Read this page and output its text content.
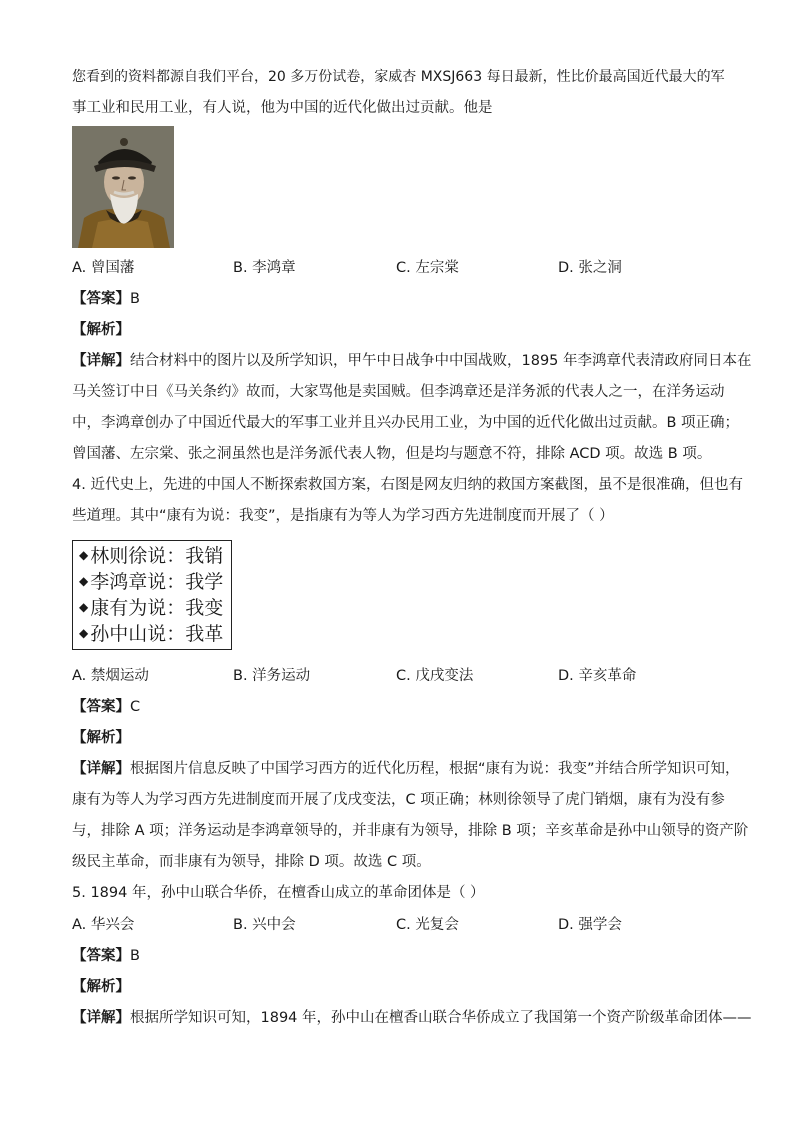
您看到的资料都源自我们平台，20 多万份试卷，家威杏 MXSJ663 每日最新，性比价最高国近代最大的军
事工业和民用工业，有人说，他为中国的近代化做出过贡献。他是
A. 曾国藩	B. 李鸿章	C. 左宗棠	D. 张之洞
【答案】B
【解析】
【详解】结合材料中的图片以及所学知识，甲午中日战争中中国战败，1895 年李鸿章代表清政府同日本在
马关签订中日《马关条约》故而，大家骂他是卖国贼。但李鸿章还是洋务派的代表人之一，在洋务运动
中，李鸿章创办了中国近代最大的军事工业并且兴办民用工业，为中国的近代化做出过贡献。B 项正确；
曾国藩、左宗棠、张之洞虽然也是洋务派代表人物，但是均与题意不符，排除 ACD 项。故选 B 项。
4. 近代史上，先进的中国人不断探索救国方案，右图是网友归纳的救国方案截图，虽不是很准确，但也有
些道理。其中“康有为说：我变”，是指康有为等人为学习西方先进制度而开展了（ ）
◆ 林则徐说：我销
◆ 李鸿章说：我学
◆ 康有为说：我变
◆ 孙中山说：我革
A. 禁烟运动	B. 洋务运动	C. 戊戌变法	D. 辛亥革命
【答案】C
【解析】
【详解】根据图片信息反映了中国学习西方的近代化历程，根据“康有为说：我变”并结合所学知识可知，
康有为等人为学习西方先进制度而开展了戊戌变法，C 项正确；林则徐领导了虎门销烟，康有为没有参
与，排除 A 项；洋务运动是李鸿章领导的，并非康有为领导，排除 B 项；辛亥革命是孙中山领导的资产阶
级民主革命，而非康有为领导，排除 D 项。故选 C 项。
5. 1894 年，孙中山联合华侨，在檀香山成立的革命团体是（ ）
A. 华兴会	B. 兴中会	C. 光复会	D. 强学会
【答案】B
【解析】
【详解】根据所学知识可知，1894 年，孙中山在檀香山联合华侨成立了我国第一个资产阶级革命团体——
